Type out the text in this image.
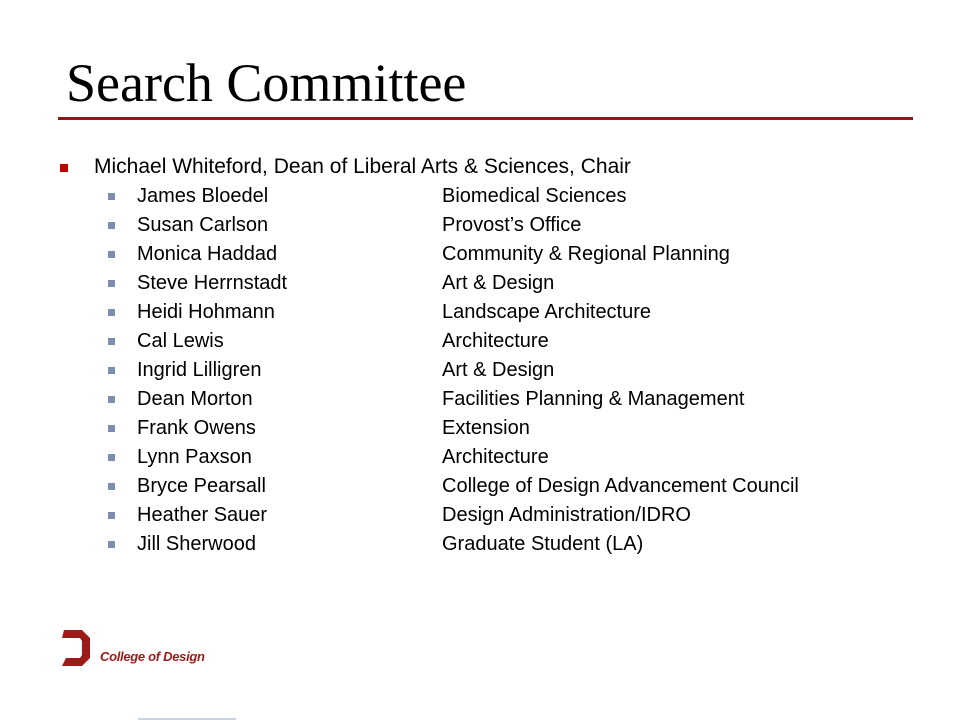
Search Committee
Michael Whiteford, Dean of Liberal Arts & Sciences, Chair
James Bloedel	Biomedical Sciences
Susan Carlson	Provost’s Office
Monica Haddad	Community & Regional Planning
Steve Herrnstadt	Art & Design
Heidi Hohmann	Landscape Architecture
Cal Lewis	Architecture
Ingrid Lilligren	Art & Design
Dean Morton	Facilities Planning & Management
Frank Owens	Extension
Lynn Paxson	Architecture
Bryce Pearsall	College of Design Advancement Council
Heather Sauer	Design Administration/IDRO
Jill Sherwood	Graduate Student (LA)
College of Design
